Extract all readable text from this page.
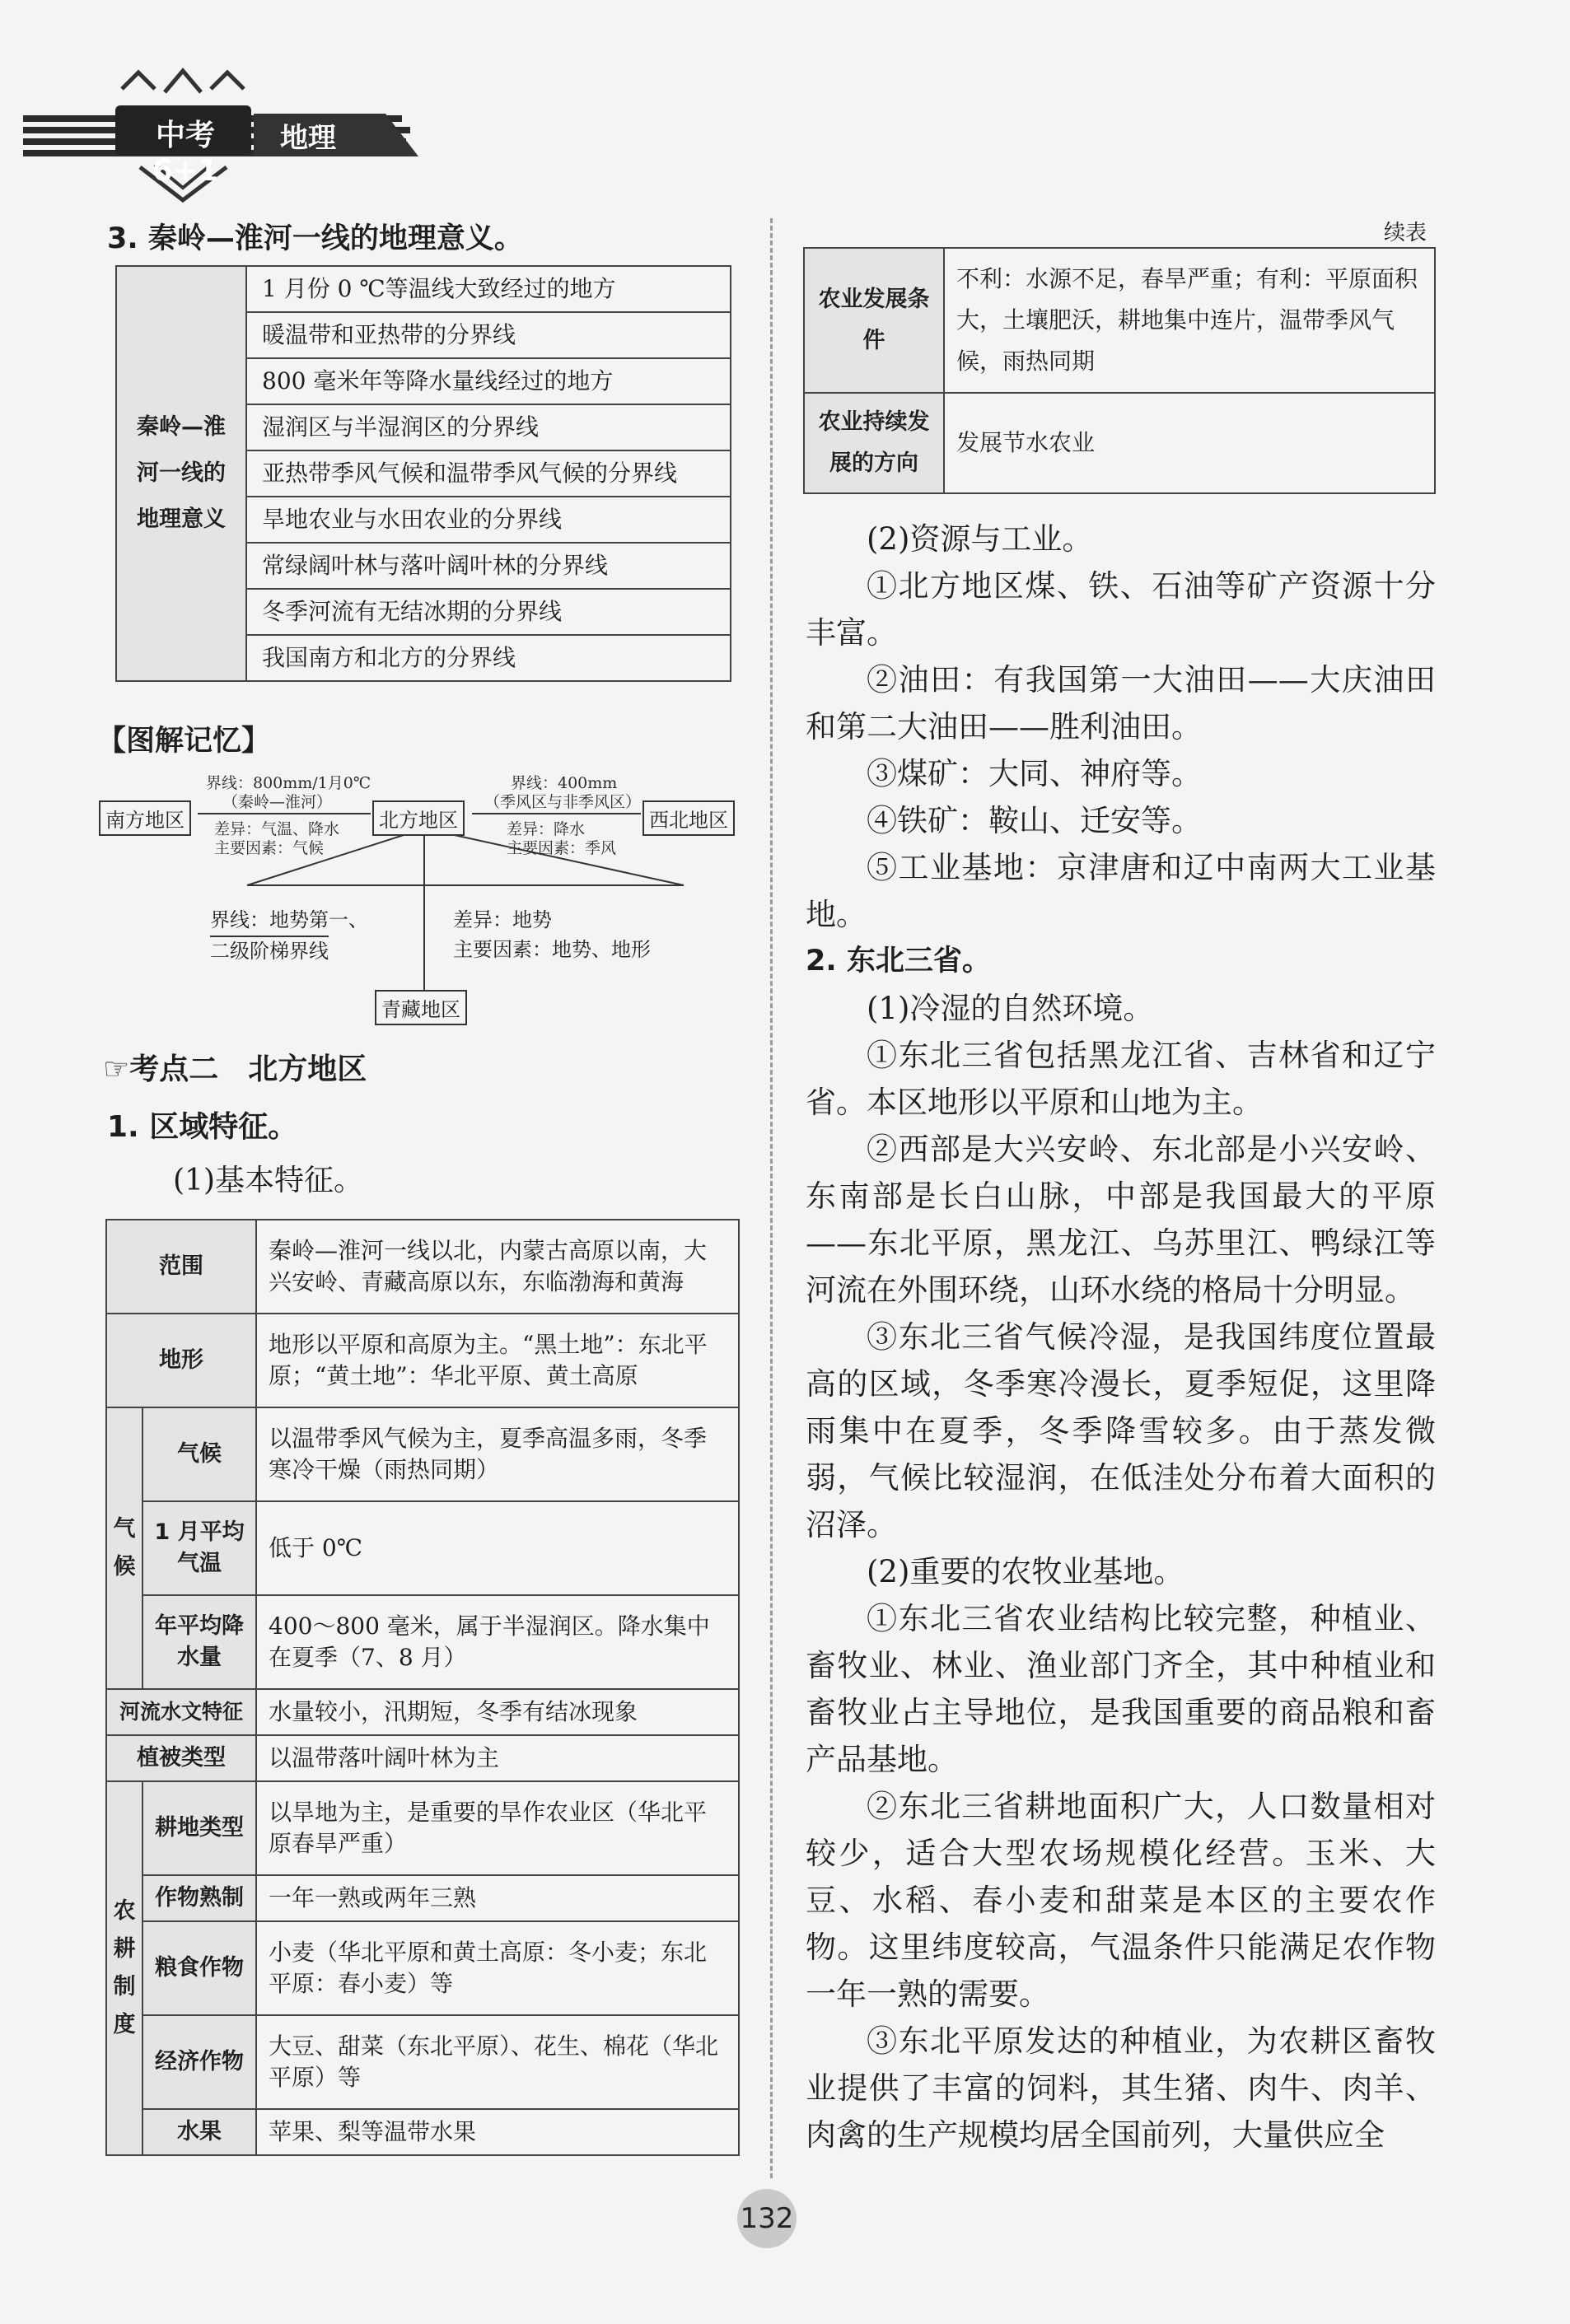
中考6+1
地理
3. 秦岭—淮河一线的地理意义。
秦岭—淮河一线的地理意义	1 月份 0 ℃等温线大致经过的地方
暖温带和亚热带的分界线
800 毫米年等降水量线经过的地方
湿润区与半湿润区的分界线
亚热带季风气候和温带季风气候的分界线
旱地农业与水田农业的分界线
常绿阔叶林与落叶阔叶林的分界线
冬季河流有无结冰期的分界线
我国南方和北方的分界线
【图解记忆】
南方地区	北方地区	西北地区
青藏地区
界线：800mm/1月0℃
（秦岭—淮河）
差异：气温、降水
主要因素：气候
界线：400mm
（季风区与非季风区）
差异：降水
主要因素：季风
界线：地势第一、
二级阶梯界线
差异：地势
主要因素：地势、地形
☞考点二　北方地区
1. 区域特征。
(1)基本特征。
范围		秦岭—淮河一线以北，内蒙古高原以南，大兴安岭、青藏高原以东，东临渤海和黄海
地形		地形以平原和高原为主。“黑土地”：东北平原；“黄土地”：华北平原、黄土高原
气候	气候	以温带季风气候为主，夏季高温多雨，冬季寒冷干燥（雨热同期）
	1 月平均气温	低于 0℃
	年平均降水量	400～800 毫米，属于半湿润区。降水集中在夏季（7、8 月）
河流水文特征		水量较小，汛期短，冬季有结冰现象
植被类型		以温带落叶阔叶林为主
农耕制度	耕地类型	以旱地为主，是重要的旱作农业区（华北平原春旱严重）
	作物熟制	一年一熟或两年三熟
	粮食作物	小麦（华北平原和黄土高原：冬小麦；东北平原：春小麦）等
	经济作物	大豆、甜菜（东北平原）、花生、棉花（华北平原）等
	水果	苹果、梨等温带水果
续表
农业发展条件	不利：水源不足，春旱严重；有利：平原面积大，土壤肥沃，耕地集中连片，温带季风气候，雨热同期
农业持续发展的方向	发展节水农业

(2)资源与工业。

①北方地区煤、铁、石油等矿产资源十分丰富。

②油田：有我国第一大油田——大庆油田和第二大油田——胜利油田。

③煤矿：大同、神府等。

④铁矿：鞍山、迁安等。

⑤工业基地：京津唐和辽中南两大工业基地。

2. 东北三省。

(1)冷湿的自然环境。

①东北三省包括黑龙江省、吉林省和辽宁省。本区地形以平原和山地为主。

②西部是大兴安岭、东北部是小兴安岭、东南部是长白山脉，中部是我国最大的平原——东北平原，黑龙江、乌苏里江、鸭绿江等河流在外围环绕，山环水绕的格局十分明显。

③东北三省气候冷湿，是我国纬度位置最高的区域，冬季寒冷漫长，夏季短促，这里降雨集中在夏季，冬季降雪较多。由于蒸发微弱，气候比较湿润，在低洼处分布着大面积的沼泽。

(2)重要的农牧业基地。

①东北三省农业结构比较完整，种植业、畜牧业、林业、渔业部门齐全，其中种植业和畜牧业占主导地位，是我国重要的商品粮和畜产品基地。

②东北三省耕地面积广大，人口数量相对较少，适合大型农场规模化经营。玉米、大豆、水稻、春小麦和甜菜是本区的主要农作物。这里纬度较高，气温条件只能满足农作物一年一熟的需要。

③东北平原发达的种植业，为农耕区畜牧业提供了丰富的饲料，其生猪、肉牛、肉羊、肉禽的生产规模均居全国前列，大量供应全

132
